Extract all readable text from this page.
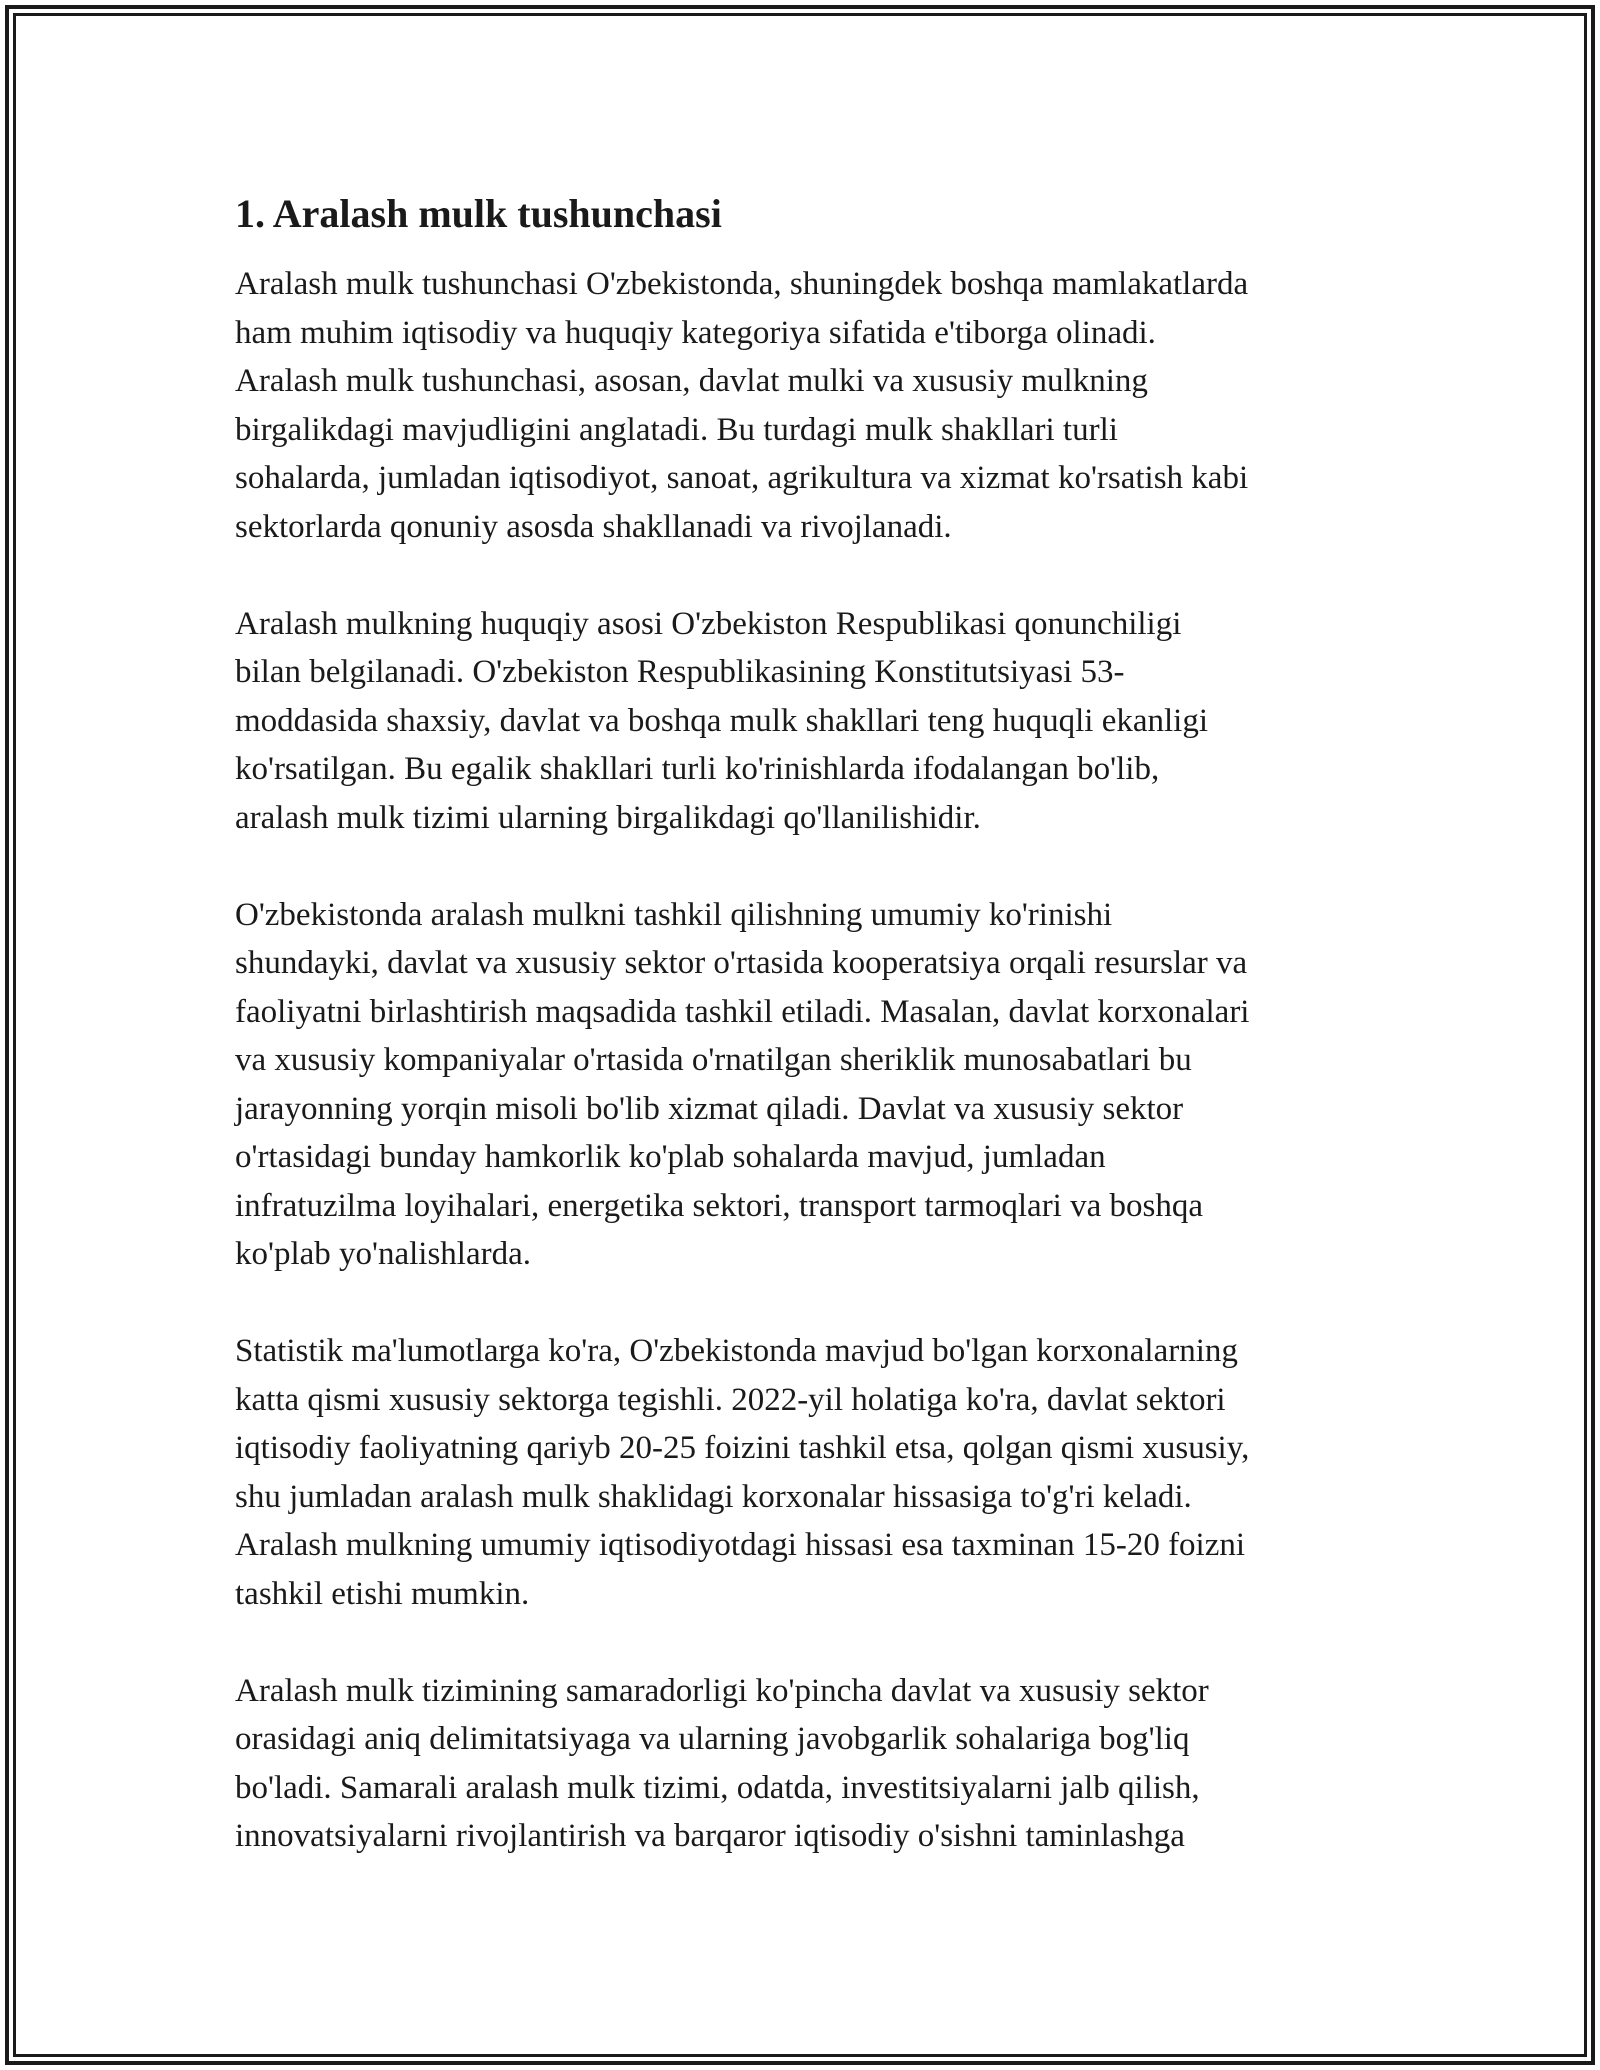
1. Aralash mulk tushunchasi

Aralash mulk tushunchasi O'zbekistonda, shuningdek boshqa mamlakatlarda
ham muhim iqtisodiy va huquqiy kategoriya sifatida e'tiborga olinadi.
Aralash mulk tushunchasi, asosan, davlat mulki va xususiy mulkning
birgalikdagi mavjudligini anglatadi. Bu turdagi mulk shakllari turli
sohalarda, jumladan iqtisodiyot, sanoat, agrikultura va xizmat ko'rsatish kabi
sektorlarda qonuniy asosda shakllanadi va rivojlanadi.

Aralash mulkning huquqiy asosi O'zbekiston Respublikasi qonunchiligi
bilan belgilanadi. O'zbekiston Respublikasining Konstitutsiyasi 53-
moddasida shaxsiy, davlat va boshqa mulk shakllari teng huquqli ekanligi
ko'rsatilgan. Bu egalik shakllari turli ko'rinishlarda ifodalangan bo'lib,
aralash mulk tizimi ularning birgalikdagi qo'llanilishidir.

O'zbekistonda aralash mulkni tashkil qilishning umumiy ko'rinishi
shundayki, davlat va xususiy sektor o'rtasida kooperatsiya orqali resurslar va
faoliyatni birlashtirish maqsadida tashkil etiladi. Masalan, davlat korxonalari
va xususiy kompaniyalar o'rtasida o'rnatilgan sheriklik munosabatlari bu
jarayonning yorqin misoli bo'lib xizmat qiladi. Davlat va xususiy sektor
o'rtasidagi bunday hamkorlik ko'plab sohalarda mavjud, jumladan
infratuzilma loyihalari, energetika sektori, transport tarmoqlari va boshqa
ko'plab yo'nalishlarda.

Statistik ma'lumotlarga ko'ra, O'zbekistonda mavjud bo'lgan korxonalarning
katta qismi xususiy sektorga tegishli. 2022-yil holatiga ko'ra, davlat sektori
iqtisodiy faoliyatning qariyb 20-25 foizini tashkil etsa, qolgan qismi xususiy,
shu jumladan aralash mulk shaklidagi korxonalar hissasiga to'g'ri keladi.
Aralash mulkning umumiy iqtisodiyotdagi hissasi esa taxminan 15-20 foizni
tashkil etishi mumkin.

Aralash mulk tizimining samaradorligi ko'pincha davlat va xususiy sektor
orasidagi aniq delimitatsiyaga va ularning javobgarlik sohalariga bog'liq
bo'ladi. Samarali aralash mulk tizimi, odatda, investitsiyalarni jalb qilish,
innovatsiyalarni rivojlantirish va barqaror iqtisodiy o'sishni taminlashga
